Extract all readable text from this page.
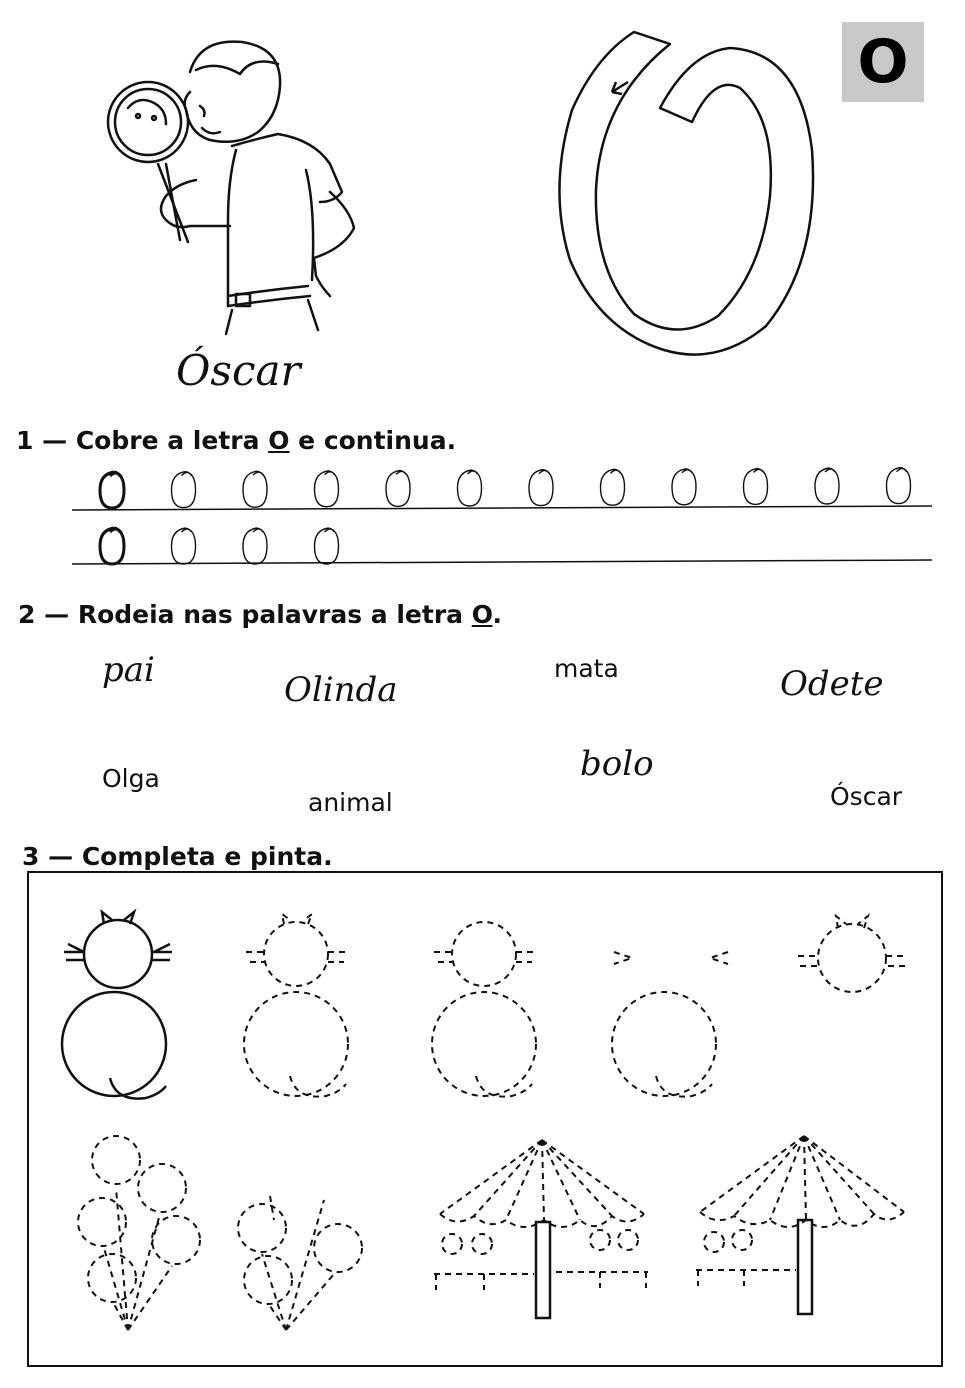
O
Óscar
1 — Cobre a letra O e continua.
2 — Rodeia nas palavras a letra O.
pai	Olinda
mata	Odete
Olga
animal
bolo
Óscar
3 — Completa e pinta.
